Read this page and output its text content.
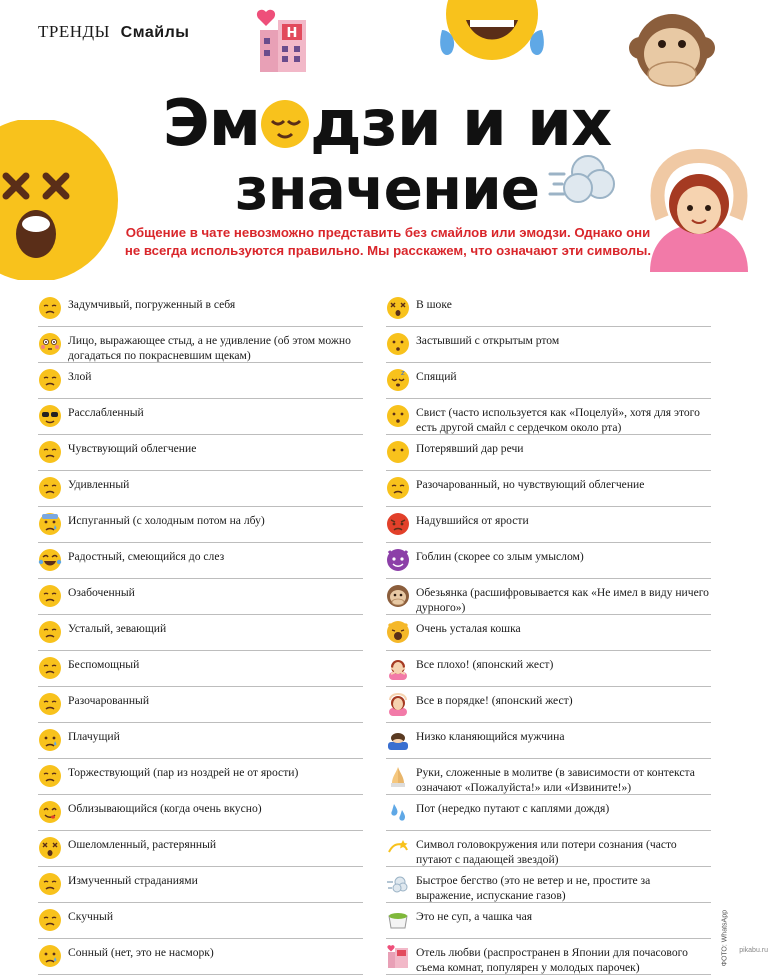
ТРЕНДЫ Смайлы	H
Эм дзи и их
значение
Общение в чате невозможно представить без смайлов или эмодзи. Однако они не всегда используются правильно. Мы расскажем, что означают эти символы.
Задумчивый, погруженный в себя
Лицо, выражающее стыд, а не удивление (об этом можно догадаться по покрасневшим щекам)
Злой
Расслабленный
Чувствующий облегчение
Удивленный
Испуганный (с холодным потом на лбу)
Радостный, смеющийся до слез
Озабоченный
Усталый, зевающий
Беспомощный
Разочарованный
Плачущий
Торжествующий (пар из ноздрей не от ярости)
Облизывающийся (когда очень вкусно)
Ошеломленный, растерянный
Измученный страданиями
Скучный
Сонный (нет, это не насморк)
В шоке
Застывший с открытым ртом
z Спящий
Свист (часто используется как «Поцелуй», хотя для этого есть другой смайл с сердечком около рта)
Потерявший дар речи
Разочарованный, но чувствующий облегчение
Надувшийся от ярости
Гоблин (скорее со злым умыслом)
Обезьянка (расшифровывается как «Не имел в виду ничего дурного»)
Очень усталая кошка
Все плохо! (японский жест)
Все в порядке! (японский жест)
Низко кланяющийся мужчина
Руки, сложенные в молитве (в зависимости от контекста означают «Пожалуйста!» или «Извините!»)
Пот (нередко путают с каплями дождя)
Символ головокружения или потери сознания (часто путают с падающей звездой)
Быстрое бегство (это не ветер и не, простите за выражение, испускание газов)
Это не суп, а чашка чая
Отель любви (распространен в Японии для почасового съема комнат, популярен у молодых парочек)
ФОТО: WhatsApp pikabu.ru
